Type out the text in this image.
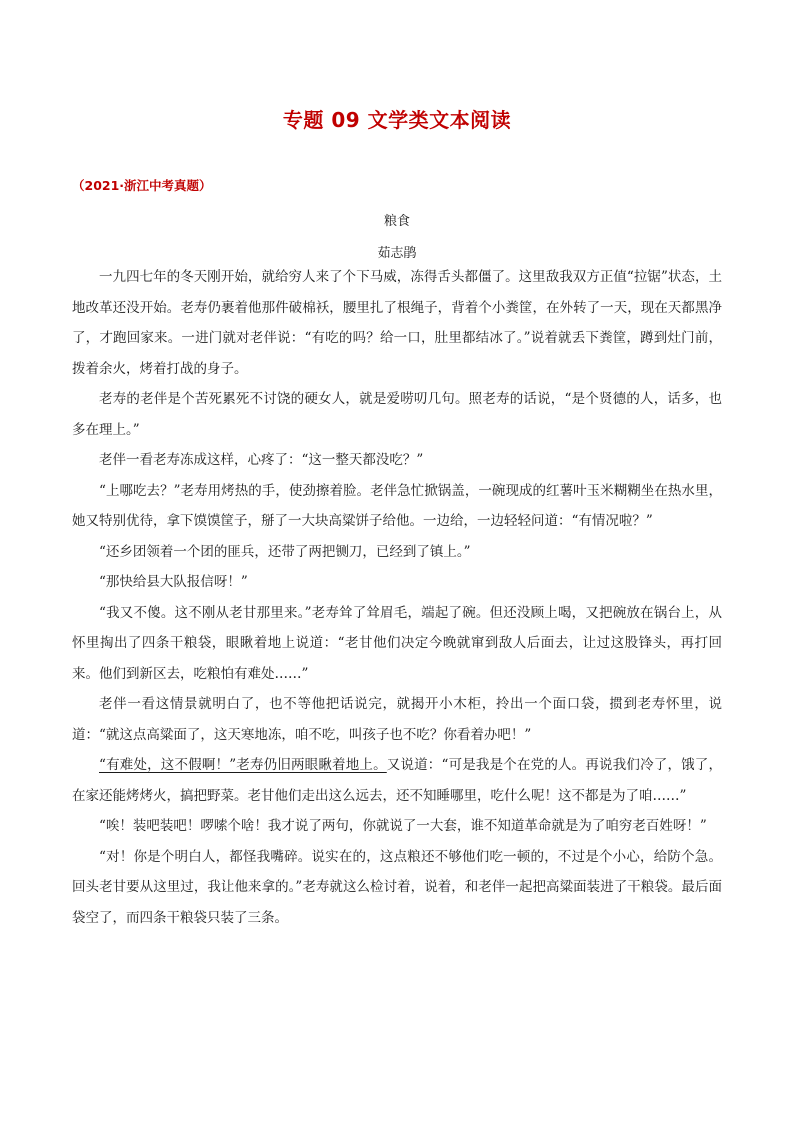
专题 09 文学类文本阅读
（2021·浙江中考真题）
粮食
茹志鹃

一九四七年的冬天刚开始，就给穷人来了个下马威，冻得舌头都僵了。这里敌我双方正值“拉锯”状态，土地改革还没开始。老寿仍裹着他那件破棉袄，腰里扎了根绳子，背着个小粪筐，在外转了一天，现在天都黑净了，才跑回家来。一进门就对老伴说：“有吃的吗？给一口，肚里都结冰了。”说着就丢下粪筐，蹲到灶门前，拨着余火，烤着打战的身子。

老寿的老伴是个苦死累死不讨饶的硬女人，就是爱唠叨几句。照老寿的话说，“是个贤德的人，话多，也多在理上。”

老伴一看老寿冻成这样，心疼了：“这一整天都没吃？”

“上哪吃去？”老寿用烤热的手，使劲擦着脸。老伴急忙掀锅盖，一碗现成的红薯叶玉米糊糊坐在热水里，她又特别优待，拿下馍馍筐子，掰了一大块高粱饼子给他。一边给，一边轻轻问道：“有情况啦？”

“还乡团领着一个团的匪兵，还带了两把铡刀，已经到了镇上。”

“那快给县大队报信呀！”

“我又不傻。这不刚从老甘那里来。”老寿耸了耸眉毛，端起了碗。但还没顾上喝，又把碗放在锅台上，从怀里掏出了四条干粮袋，眼瞅着地上说道：“老甘他们决定今晚就窜到敌人后面去，让过这股锋头，再打回来。他们到新区去，吃粮怕有难处……”

老伴一看这情景就明白了，也不等他把话说完，就揭开小木柜，拎出一个面口袋，掼到老寿怀里，说道：“就这点高粱面了，这天寒地冻，咱不吃，叫孩子也不吃？你看着办吧！”

“有难处，这不假啊！”老寿仍旧两眼瞅着地上。又说道：“可是我是个在党的人。再说我们冷了，饿了，在家还能烤烤火，搞把野菜。老甘他们走出这么远去，还不知睡哪里，吃什么呢！这不都是为了咱……”

“唉！装吧装吧！啰嗦个啥！我才说了两句，你就说了一大套，谁不知道革命就是为了咱穷老百姓呀！”

“对！你是个明白人，都怪我嘴碎。说实在的，这点粮还不够他们吃一顿的，不过是个小心，给防个急。回头老甘要从这里过，我让他来拿的。”老寿就这么检讨着，说着，和老伴一起把高粱面装进了干粮袋。最后面袋空了，而四条干粮袋只装了三条。
